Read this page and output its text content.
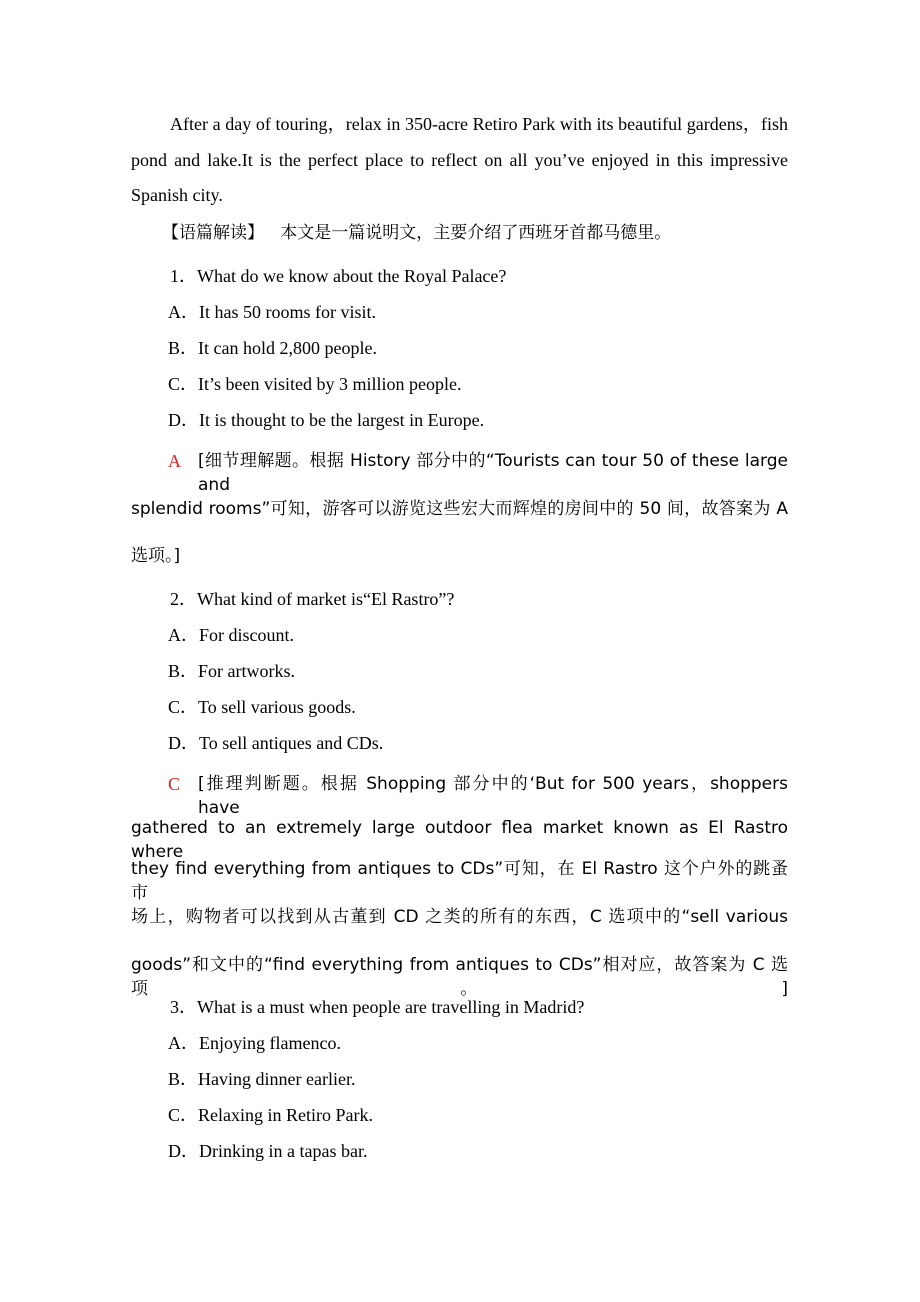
After a day of touring，relax in 350-acre Retiro Park with its beautiful gardens，fish
pond and lake.It is the perfect place to reflect on all you’ve enjoyed in this impressive
Spanish city.
【语篇解读】 本文是一篇说明文，主要介绍了西班牙首都马德里。
1．What do we know about the Royal Palace?
A．It has 50 rooms for visit.
B．It can hold 2,800 people.
C．It’s been visited by 3 million people.
D．It is thought to be the largest in Europe.
A	[细节理解题。根据 History 部分中的“Tourists can tour 50 of these large and
splendid rooms”可知，游客可以游览这些宏大而辉煌的房间中的 50 间，故答案为 A
选项。]
2．What kind of market is“El Rastro”?
A．For discount.
B．For artworks.
C．To sell various goods.
D．To sell antiques and CDs.
C	[推理判断题。根据 Shopping 部分中的‘But for 500 years，shoppers have
gathered to an extremely large outdoor flea market known as El Rastro where
they find everything from antiques to CDs”可知，在 El Rastro 这个户外的跳蚤市
场上，购物者可以找到从古董到 CD 之类的所有的东西，C 选项中的“sell various
goods”和文中的“find everything from antiques to CDs”相对应，故答案为 C 选项。]
3．What is a must when people are travelling in Madrid?
A．Enjoying flamenco.
B．Having dinner earlier.
C．Relaxing in Retiro Park.
D．Drinking in a tapas bar.
